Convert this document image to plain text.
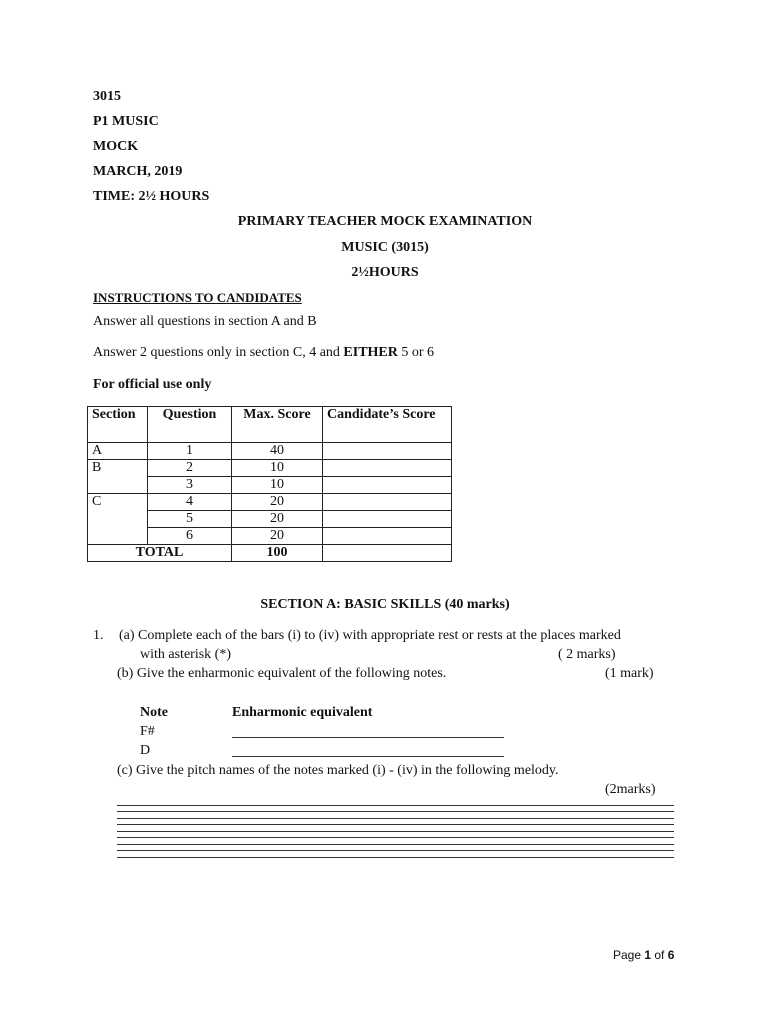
3015
P1 MUSIC
MOCK
MARCH, 2019
TIME: 2½ HOURS
PRIMARY TEACHER MOCK EXAMINATION
MUSIC (3015)
2½HOURS
INSTRUCTIONS TO CANDIDATES
Answer all questions in section A and B
Answer 2 questions only in section C, 4 and EITHER 5 or 6
For official use only
Section	Question	Max. Score	Candidate’s Score
A	1	40	
B	2	10	
	3	10	
C	4	20	
	5	20	
	6	20	
TOTAL		100	
SECTION A: BASIC SKILLS (40 marks)
1. (a) Complete each of the bars (i) to (iv) with appropriate rest or rests at the places marked
with asterisk (*)	( 2 marks)
(b) Give the enharmonic equivalent of the following notes.	(1 mark)
Note	Enharmonic equivalent
F#
D
(c) Give the pitch names of the notes marked (i) - (iv) in the following melody.
(2marks)
Page 1 of 6
